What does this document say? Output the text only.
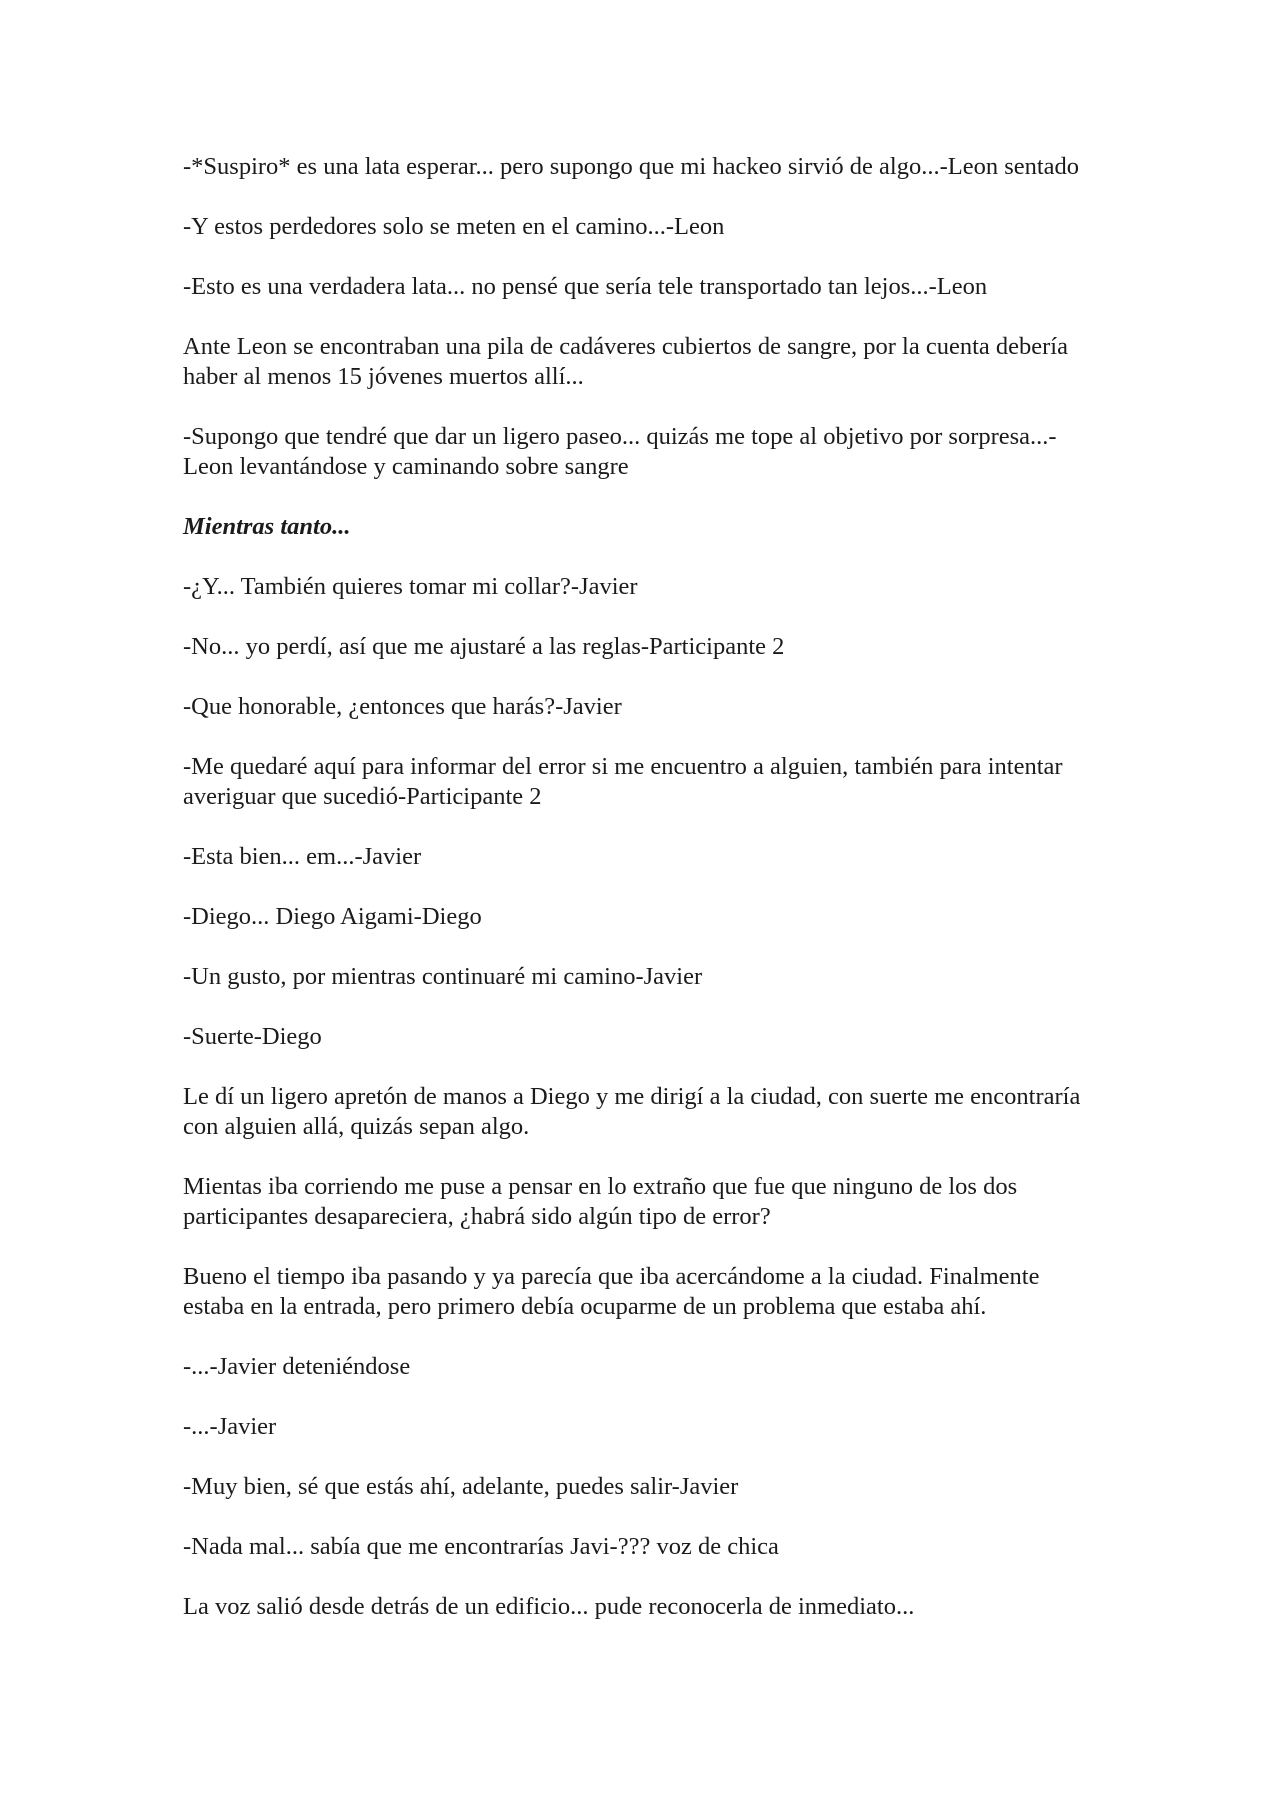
-*Suspiro* es una lata esperar... pero supongo que mi hackeo sirvió de algo...-Leon sentado

-Y estos perdedores solo se meten en el camino...-Leon

-Esto es una verdadera lata... no pensé que sería tele transportado tan lejos...-Leon

Ante Leon se encontraban una pila de cadáveres cubiertos de sangre, por la cuenta debería haber al menos 15 jóvenes muertos allí...

-Supongo que tendré que dar un ligero paseo... quizás me tope al objetivo por sorpresa...-Leon levantándose y caminando sobre sangre

Mientras tanto...

-¿Y... También quieres tomar mi collar?-Javier

-No... yo perdí, así que me ajustaré a las reglas-Participante 2

-Que honorable, ¿entonces que harás?-Javier

-Me quedaré aquí para informar del error si me encuentro a alguien, también para intentar averiguar que sucedió-Participante 2

-Esta bien... em...-Javier

-Diego... Diego Aigami-Diego

-Un gusto, por mientras continuaré mi camino-Javier

-Suerte-Diego

Le dí un ligero apretón de manos a Diego y me dirigí a la ciudad, con suerte me encontraría con alguien allá, quizás sepan algo.

Mientas iba corriendo me puse a pensar en lo extraño que fue que ninguno de los dos participantes desapareciera, ¿habrá sido algún tipo de error?

Bueno el tiempo iba pasando y ya parecía que iba acercándome a la ciudad. Finalmente estaba en la entrada, pero primero debía ocuparme de un problema que estaba ahí.

-...-Javier deteniéndose

-...-Javier

-Muy bien, sé que estás ahí, adelante, puedes salir-Javier

-Nada mal... sabía que me encontrarías Javi-??? voz de chica

La voz salió desde detrás de un edificio... pude reconocerla de inmediato...
